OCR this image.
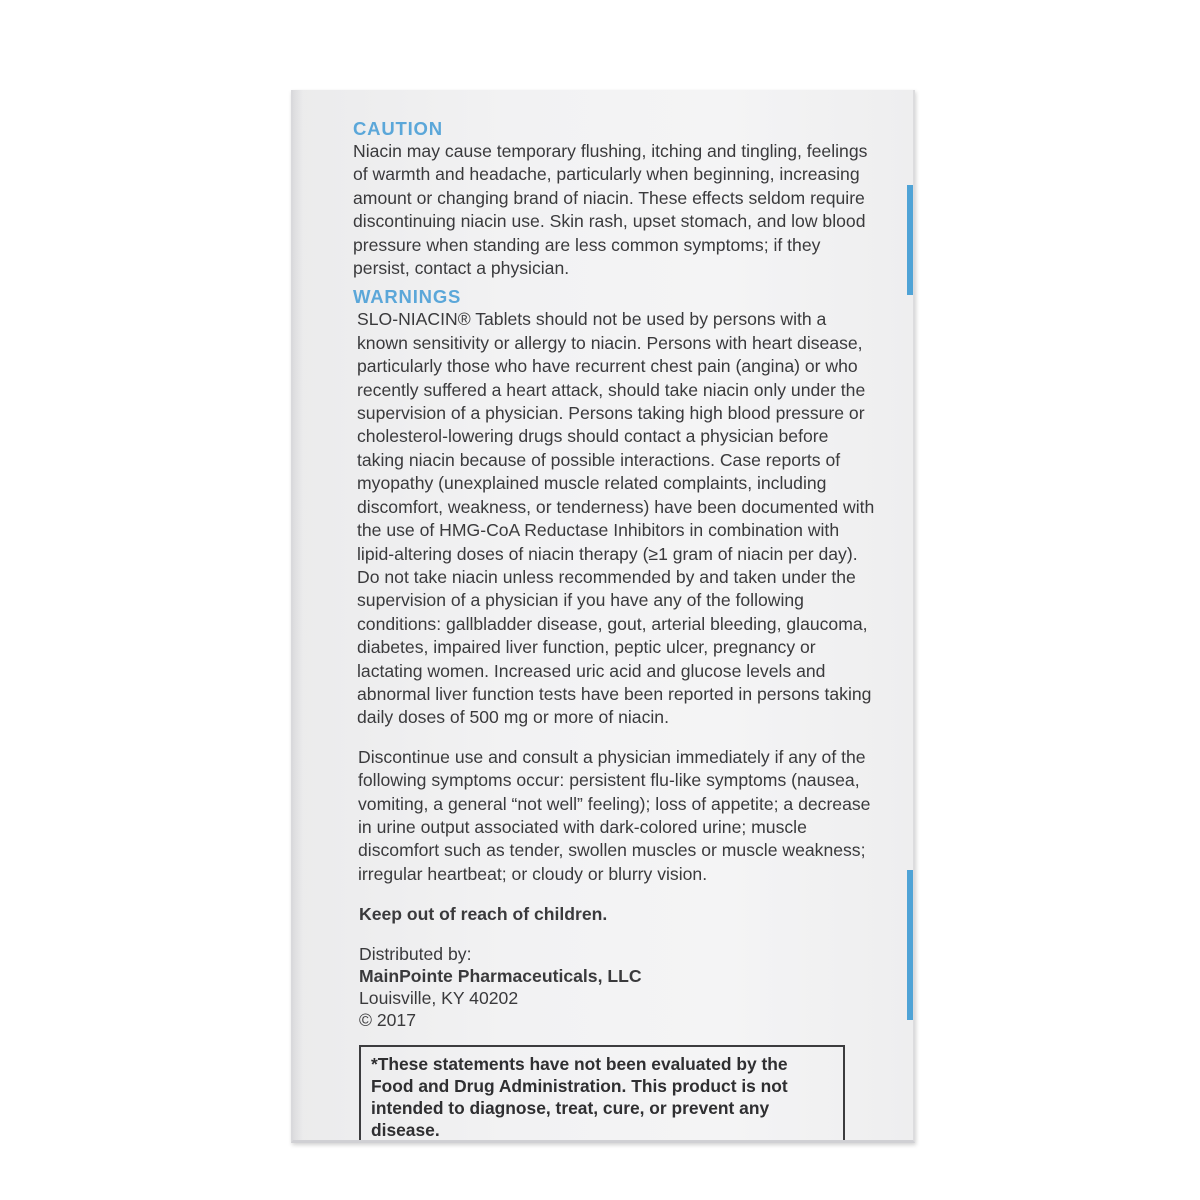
CAUTION

Niacin may cause temporary flushing, itching and tingling, feelings of warmth and headache, particularly when beginning, increasing amount or changing brand of niacin. These effects seldom require discontinuing niacin use. Skin rash, upset stomach, and low blood pressure when standing are less common symptoms; if they persist, contact a physician.

WARNINGS

SLO-NIACIN® Tablets should not be used by persons with a known sensitivity or allergy to niacin. Persons with heart disease, particularly those who have recurrent chest pain (angina) or who recently suffered a heart attack, should take niacin only under the supervision of a physician. Persons taking high blood pressure or cholesterol-lowering drugs should contact a physician before taking niacin because of possible interactions. Case reports of myopathy (unexplained muscle related complaints, including discomfort, weakness, or tenderness) have been documented with the use of HMG-CoA Reductase Inhibitors in combination with lipid-altering doses of niacin therapy (≥1 gram of niacin per day). Do not take niacin unless recommended by and taken under the supervision of a physician if you have any of the following conditions: gallbladder disease, gout, arterial bleeding, glaucoma, diabetes, impaired liver function, peptic ulcer, pregnancy or lactating women. Increased uric acid and glucose levels and abnormal liver function tests have been reported in persons taking daily doses of 500 mg or more of niacin.

Discontinue use and consult a physician immediately if any of the following symptoms occur: persistent flu-like symptoms (nausea, vomiting, a general “not well” feeling); loss of appetite; a decrease in urine output associated with dark-colored urine; muscle discomfort such as tender, swollen muscles or muscle weakness; irregular heartbeat; or cloudy or blurry vision.

Keep out of reach of children.

Distributed by:
MainPointe Pharmaceuticals, LLC
Louisville, KY 40202
© 2017
*These statements have not been evaluated by the Food and Drug Administration. This product is not intended to diagnose, treat, cure, or prevent any disease.
